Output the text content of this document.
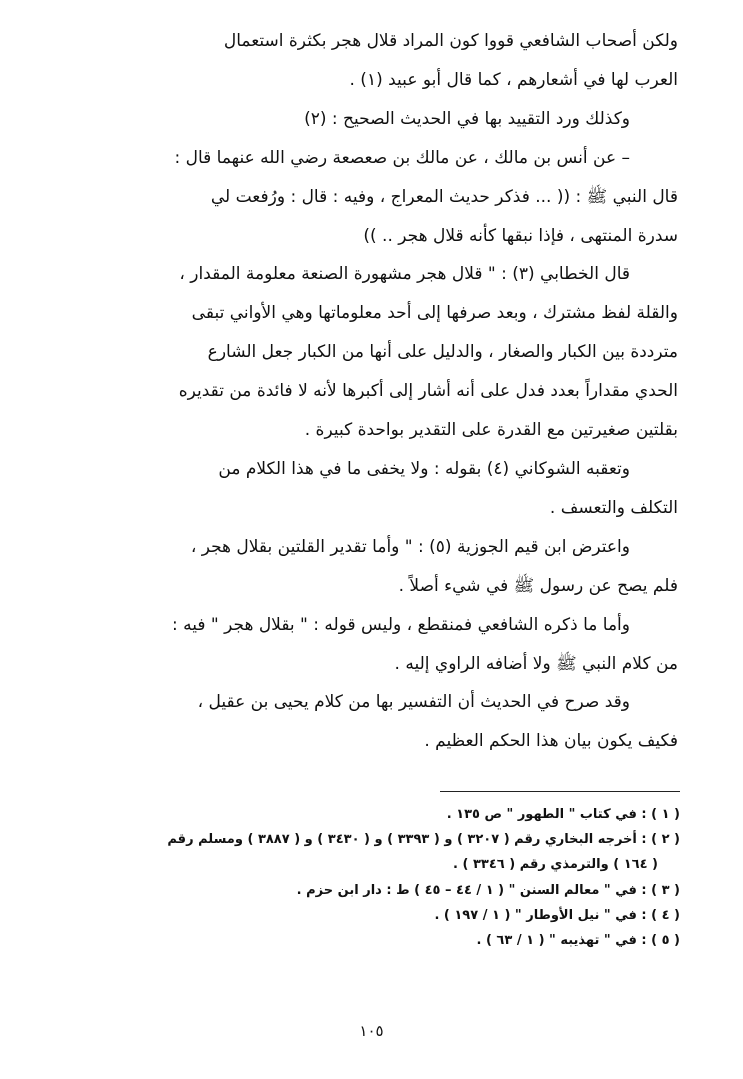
ولكن أصحاب الشافعي قووا كون المراد قلال هجر بكثرة استعمال

العرب لها في أشعارهم ، كما قال أبو عبيد (١) .

وكذلك ورد التقييد بها في الحديث الصحيح : (٢)

– عن أنس بن مالك ، عن مالك بن صعصعة رضي الله عنهما قال :

قال النبي ﷺ : (( ... فذكر حديث المعراج ، وفيه : قال : ورُفعت لي

سدرة المنتهى ، فإذا نبقها كأنه قلال هجر .. ))

قال الخطابي (٣) : " قلال هجر مشهورة الصنعة معلومة المقدار ،

والقلة لفظ مشترك ، وبعد صرفها إلى أحد معلوماتها وهي الأواني تبقى

مترددة بين الكبار والصغار ، والدليل على أنها من الكبار جعل الشارع

الحدي مقداراً بعدد فدل على أنه أشار إلى أكبرها لأنه لا فائدة من تقديره

بقلتين صغيرتين مع القدرة على التقدير بواحدة كبيرة .

وتعقبه الشوكاني (٤) بقوله : ولا يخفى ما في هذا الكلام من

التكلف والتعسف .

واعترض ابن قيم الجوزية (٥) : " وأما تقدير القلتين بقلال هجر ،

فلم يصح عن رسول ﷺ في شيء أصلاً .

وأما ما ذكره الشافعي فمنقطع ، وليس قوله : " بقلال هجر " فيه :

من كلام النبي ﷺ ولا أضافه الراوي إليه .

وقد صرح في الحديث أن التفسير بها من كلام يحيى بن عقيل ،

فكيف يكون بيان هذا الحكم العظيم .

( ١ ) : في كتاب " الطهور " ص ١٣٥ .

( ٢ ) : أخرجه البخاري رقم ( ٣٢٠٧ ) و ( ٣٣٩٣ ) و ( ٣٤٣٠ ) و ( ٣٨٨٧ ) ومسلم رقم

( ١٦٤ ) والترمذي رقم ( ٣٣٤٦ ) .

( ٣ ) : في " معالم السنن " ( ١ / ٤٤ – ٤٥ ) ط : دار ابن حزم .

( ٤ ) : في " نيل الأوطار " ( ١ / ١٩٧ ) .

( ٥ ) : في " تهذيبه " ( ١ / ٦٣ ) .

١٠٥
